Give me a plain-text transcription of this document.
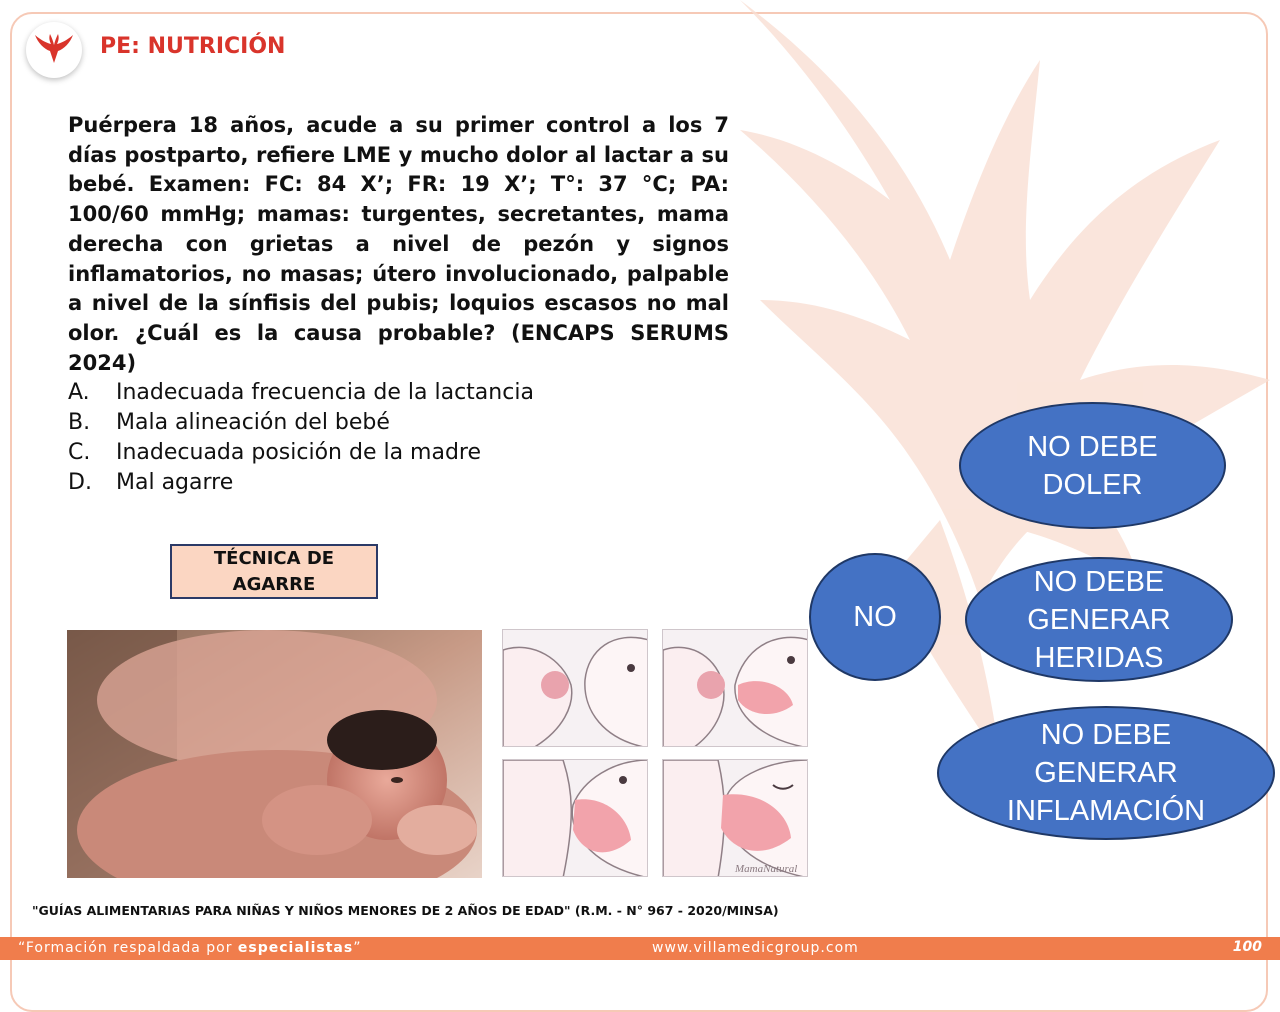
PE: NUTRICIÓN

Puérpera 18 años, acude a su primer control a los 7 días postparto, refiere LME y mucho dolor al lactar a su bebé. Examen: FC: 84 X’; FR: 19 X’; T°: 37 °C; PA: 100/60 mmHg; mamas: turgentes, secretantes, mama derecha con grietas a nivel de pezón y signos inflamatorios, no masas; útero involucionado, palpable a nivel de la sínfisis del pubis; loquios escasos no mal olor. ¿Cuál es la causa probable? (ENCAPS SERUMS 2024)

A.	Inadecuada frecuencia de la lactancia
B.	Mala alineación del bebé
C.	Inadecuada posición de la madre
D.	Mal agarre
TÉCNICA DE AGARRE
MamaNatural
NO
NO DEBE DOLER
NO DEBE GENERAR HERIDAS
NO DEBE GENERAR INFLAMACIÓN
"GUÍAS ALIMENTARIAS PARA NIÑAS Y NIÑOS MENORES DE 2 AÑOS DE EDAD" (R.M. - N° 967 - 2020/MINSA)
“Formación respaldada por especialistas”	www.villamedicgroup.com	100
